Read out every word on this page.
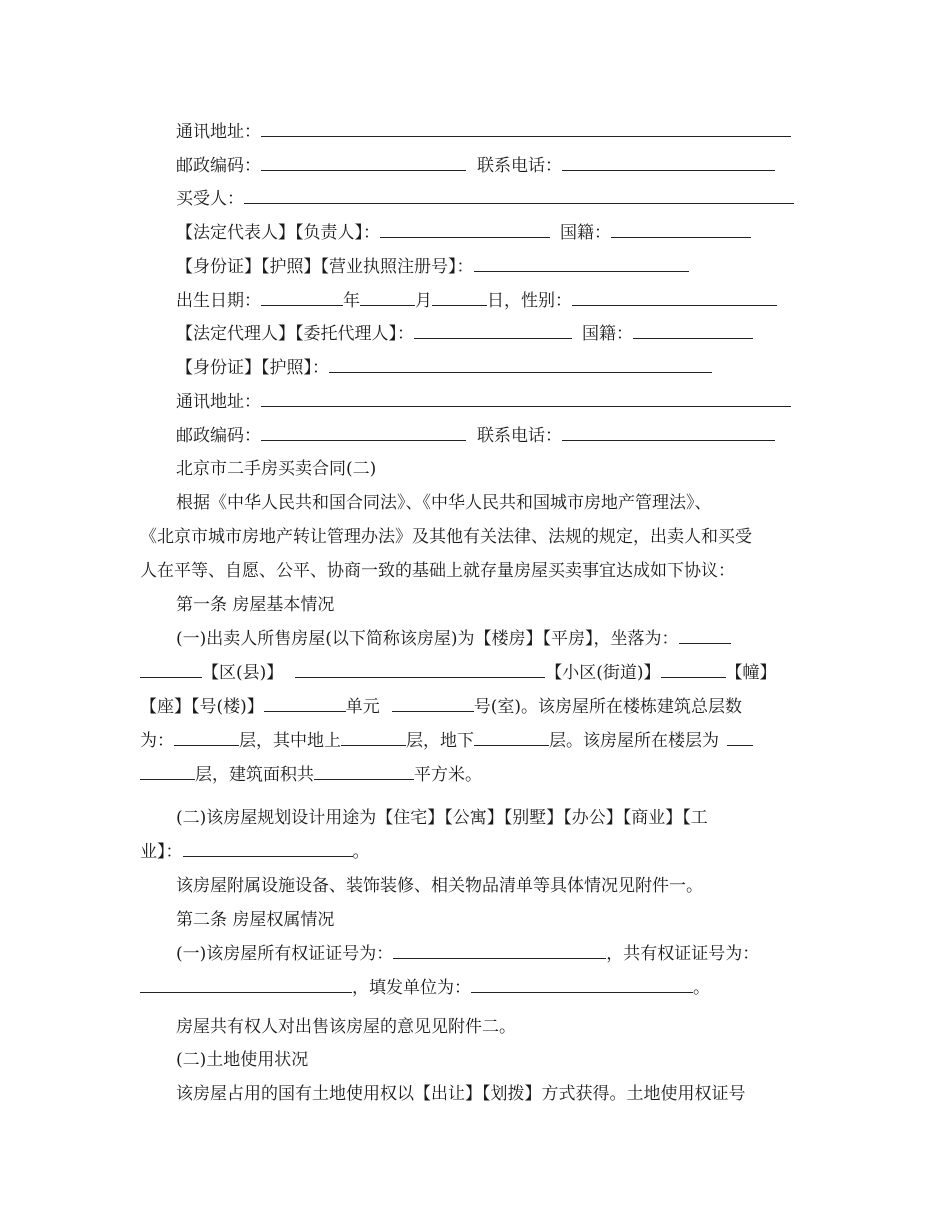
通讯地址：
邮政编码：	联系电话：
买受人：
【法定代表人】【负责人】：	国籍：
【身份证】【护照】【营业执照注册号】：
出生日期：	年	月	日，性别：
【法定代理人】【委托代理人】：	国籍：
【身份证】【护照】：
通讯地址：
邮政编码：	联系电话：
北京市二手房买卖合同(二)
根据《中华人民共和国合同法》、《中华人民共和国城市房地产管理法》、
《北京市城市房地产转让管理办法》及其他有关法律、法规的规定，出卖人和买受
人在平等、自愿、公平、协商一致的基础上就存量房屋买卖事宜达成如下协议：
第一条 房屋基本情况
(一)出卖人所售房屋(以下简称该房屋)为【楼房】【平房】，坐落为：
【区(县)】	【小区(街道)】	【幢】
【座】【号(楼)】	单元	号(室)。该房屋所在楼栋建筑总层数
为：	层，其中地上	层，地下	层。该房屋所在楼层为
层，建筑面积共	平方米。
(二)该房屋规划设计用途为【住宅】【公寓】【别墅】【办公】【商业】【工
业】：	。
该房屋附属设施设备、装饰装修、相关物品清单等具体情况见附件一。
第二条 房屋权属情况
(一)该房屋所有权证证号为：	，共有权证证号为：
，填发单位为：	。
房屋共有权人对出售该房屋的意见见附件二。
(二)土地使用状况
该房屋占用的国有土地使用权以【出让】【划拨】方式获得。土地使用权证号
